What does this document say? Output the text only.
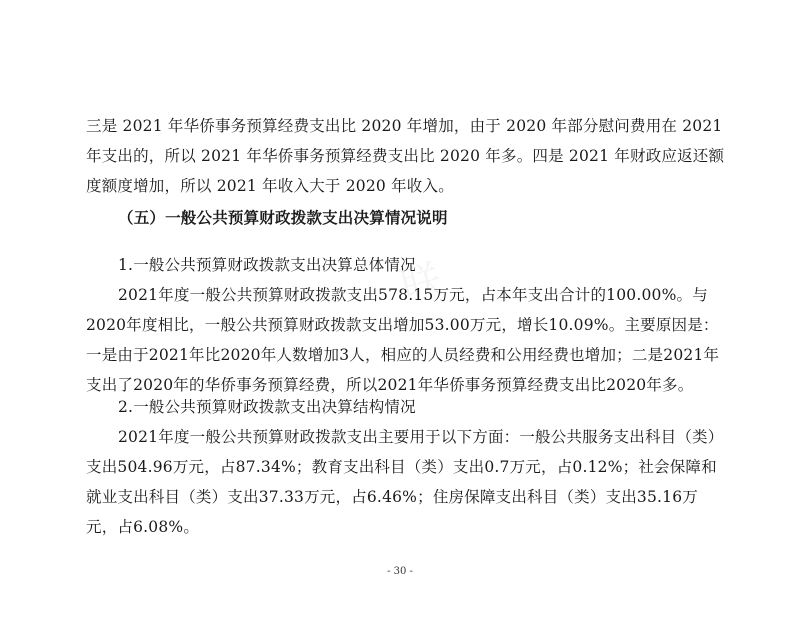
三是 2021 年华侨事务预算经费支出比 2020 年增加，由于 2020 年部分慰问费用在 2021 年支出的，所以 2021 年华侨事务预算经费支出比 2020 年多。四是 2021 年财政应返还额度额度增加，所以 2021 年收入大于 2020 年收入。

（五）一般公共预算财政拨款支出决算情况说明

1.一般公共预算财政拨款支出决算总体情况

2021年度一般公共预算财政拨款支出578.15万元，占本年支出合计的100.00%。与2020年度相比，一般公共预算财政拨款支出增加53.00万元，增长10.09%。主要原因是：一是由于2021年比2020年人数增加3人，相应的人员经费和公用经费也增加；二是2021年支出了2020年的华侨事务预算经费，所以2021年华侨事务预算经费支出比2020年多。

2.一般公共预算财政拨款支出决算结构情况

2021年度一般公共预算财政拨款支出主要用于以下方面：一般公共服务支出科目（类）支出504.96万元，占87.34%；教育支出科目（类）支出0.7万元，占0.12%；社会保障和就业支出科目（类）支出37.33万元，占6.46%；住房保障支出科目（类）支出35.16万元，占6.08%。

- 30 -
